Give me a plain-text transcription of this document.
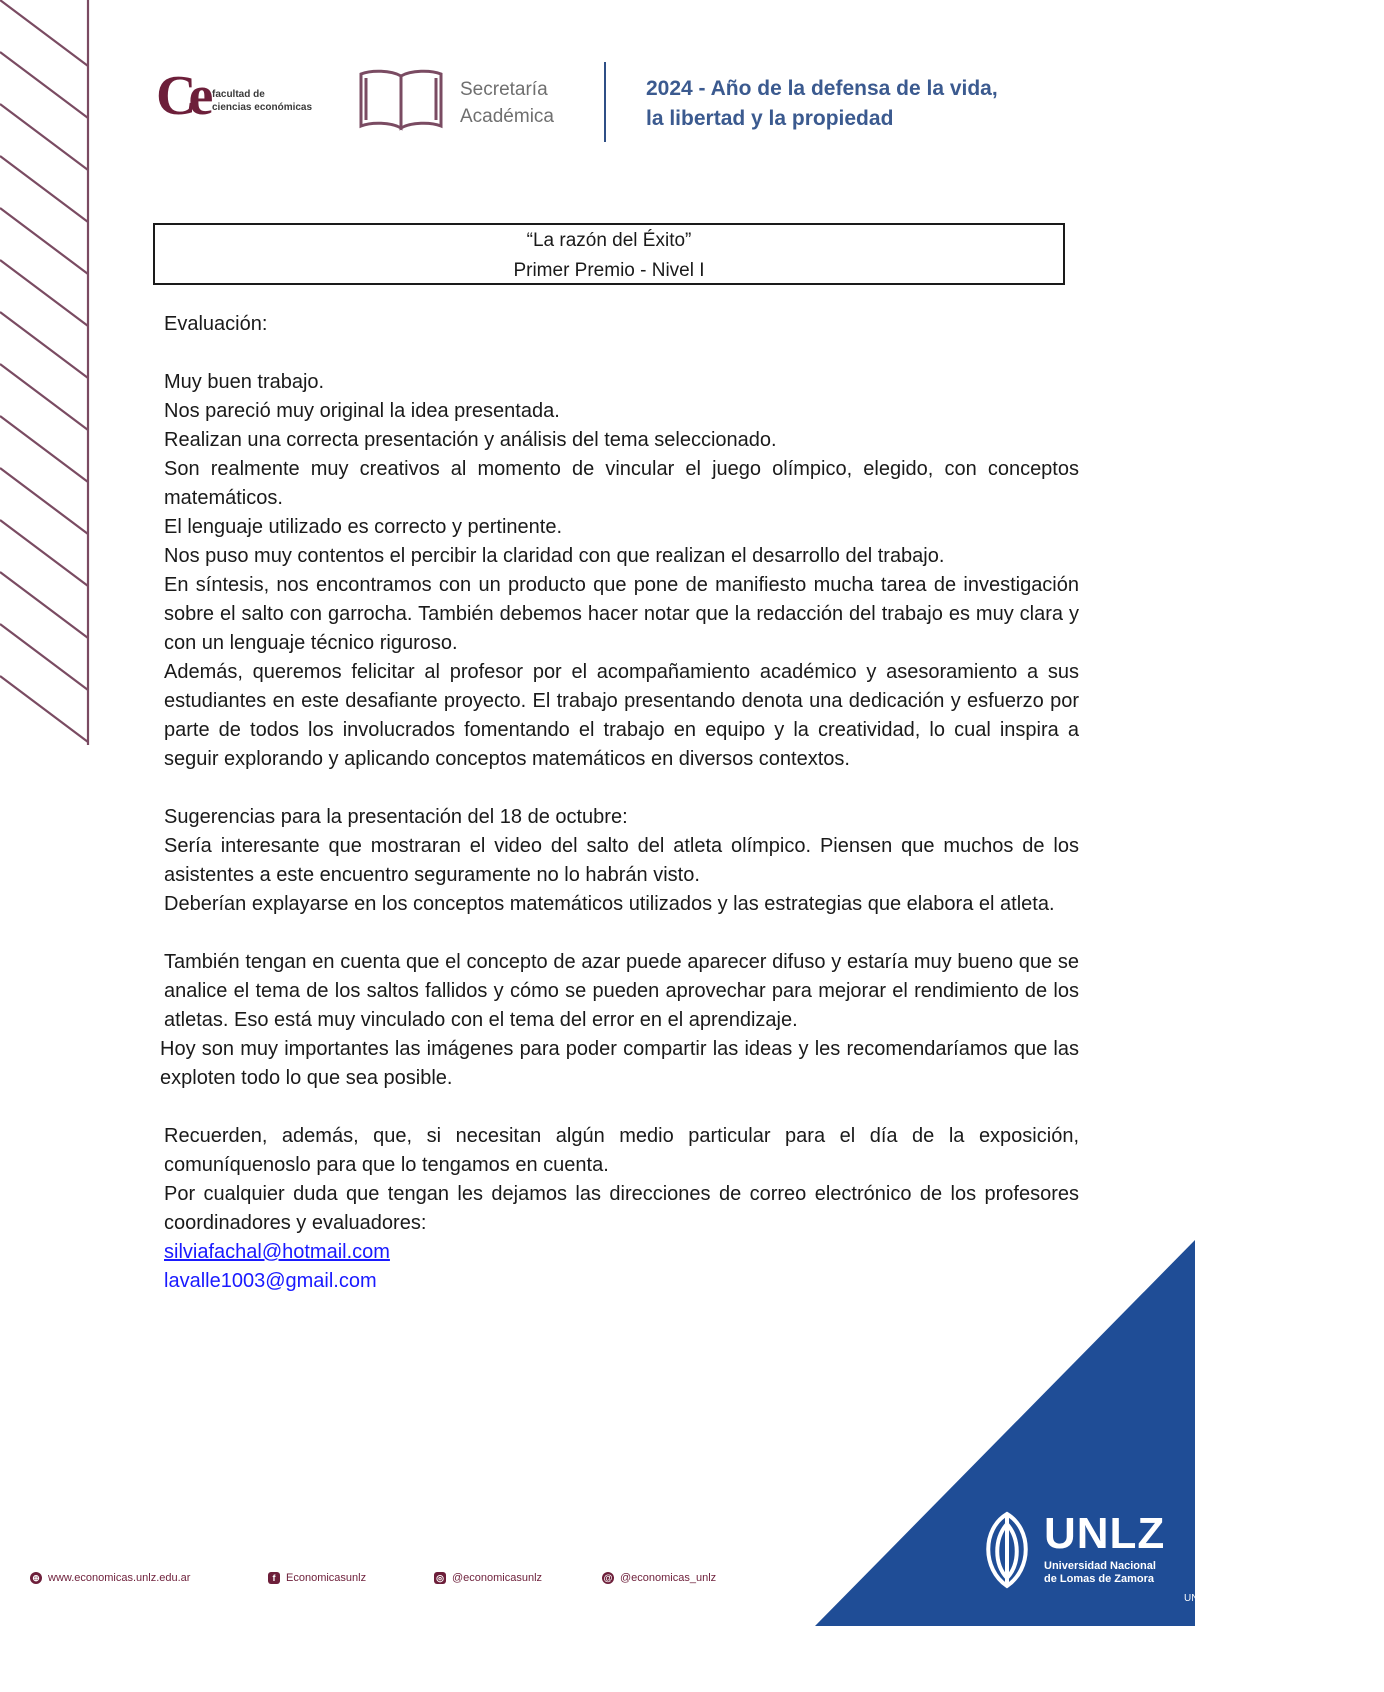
Ce facultad de
ciencias económicas
UNLZ
Secretaría
Académica
2024 - Año de la defensa de la vida,
la libertad y la propiedad
“La razón del Éxito”
Primer Premio - Nivel I

Evaluación:

Muy buen trabajo.

Nos pareció muy original la idea presentada.

Realizan una correcta presentación y análisis del tema seleccionado.

Son realmente muy creativos al momento de vincular el juego olímpico, elegido, con conceptos matemáticos.

El lenguaje utilizado es correcto y pertinente.

Nos puso muy contentos el percibir la claridad con que realizan el desarrollo del trabajo.

En síntesis, nos encontramos con un producto que pone de manifiesto mucha tarea de investigación sobre el salto con garrocha. También debemos hacer notar que la redacción del trabajo es muy clara y con un lenguaje técnico riguroso.

Además, queremos felicitar al profesor por el acompañamiento académico y asesoramiento a sus estudiantes en este desafiante proyecto. El trabajo presentando denota una dedicación y esfuerzo por parte de todos los involucrados fomentando el trabajo en equipo y la creatividad, lo cual inspira a seguir explorando y aplicando conceptos matemáticos en diversos contextos.

Sugerencias para la presentación del 18 de octubre:

Sería interesante que mostraran el video del salto del atleta olímpico. Piensen que muchos de los asistentes a este encuentro seguramente no lo habrán visto.

Deberían explayarse en los conceptos matemáticos utilizados y las estrategias que elabora el atleta.

También tengan en cuenta que el concepto de azar puede aparecer difuso y estaría muy bueno que se analice el tema de los saltos fallidos y cómo se pueden aprovechar para mejorar el rendimiento de los atletas. Eso está muy vinculado con el tema del error en el aprendizaje.

Hoy son muy importantes las imágenes para poder compartir las ideas y les recomendaríamos que las exploten todo lo que sea posible.

Recuerden, además, que, si necesitan algún medio particular para el día de la exposición, comuníquenoslo para que lo tengamos en cuenta.

Por cualquier duda que tengan les dejamos las direcciones de correo electrónico de los profesores coordinadores y evaluadores:

silviafachal@hotmail.com
lavalle1003@gmail.com
⊕ www.economicas.unlz.edu.ar	f Economicasunlz	◎ @economicasunlz	@ @economicas_unlz
UNLZ
Universidad Nacional
de Lomas de Zamora
